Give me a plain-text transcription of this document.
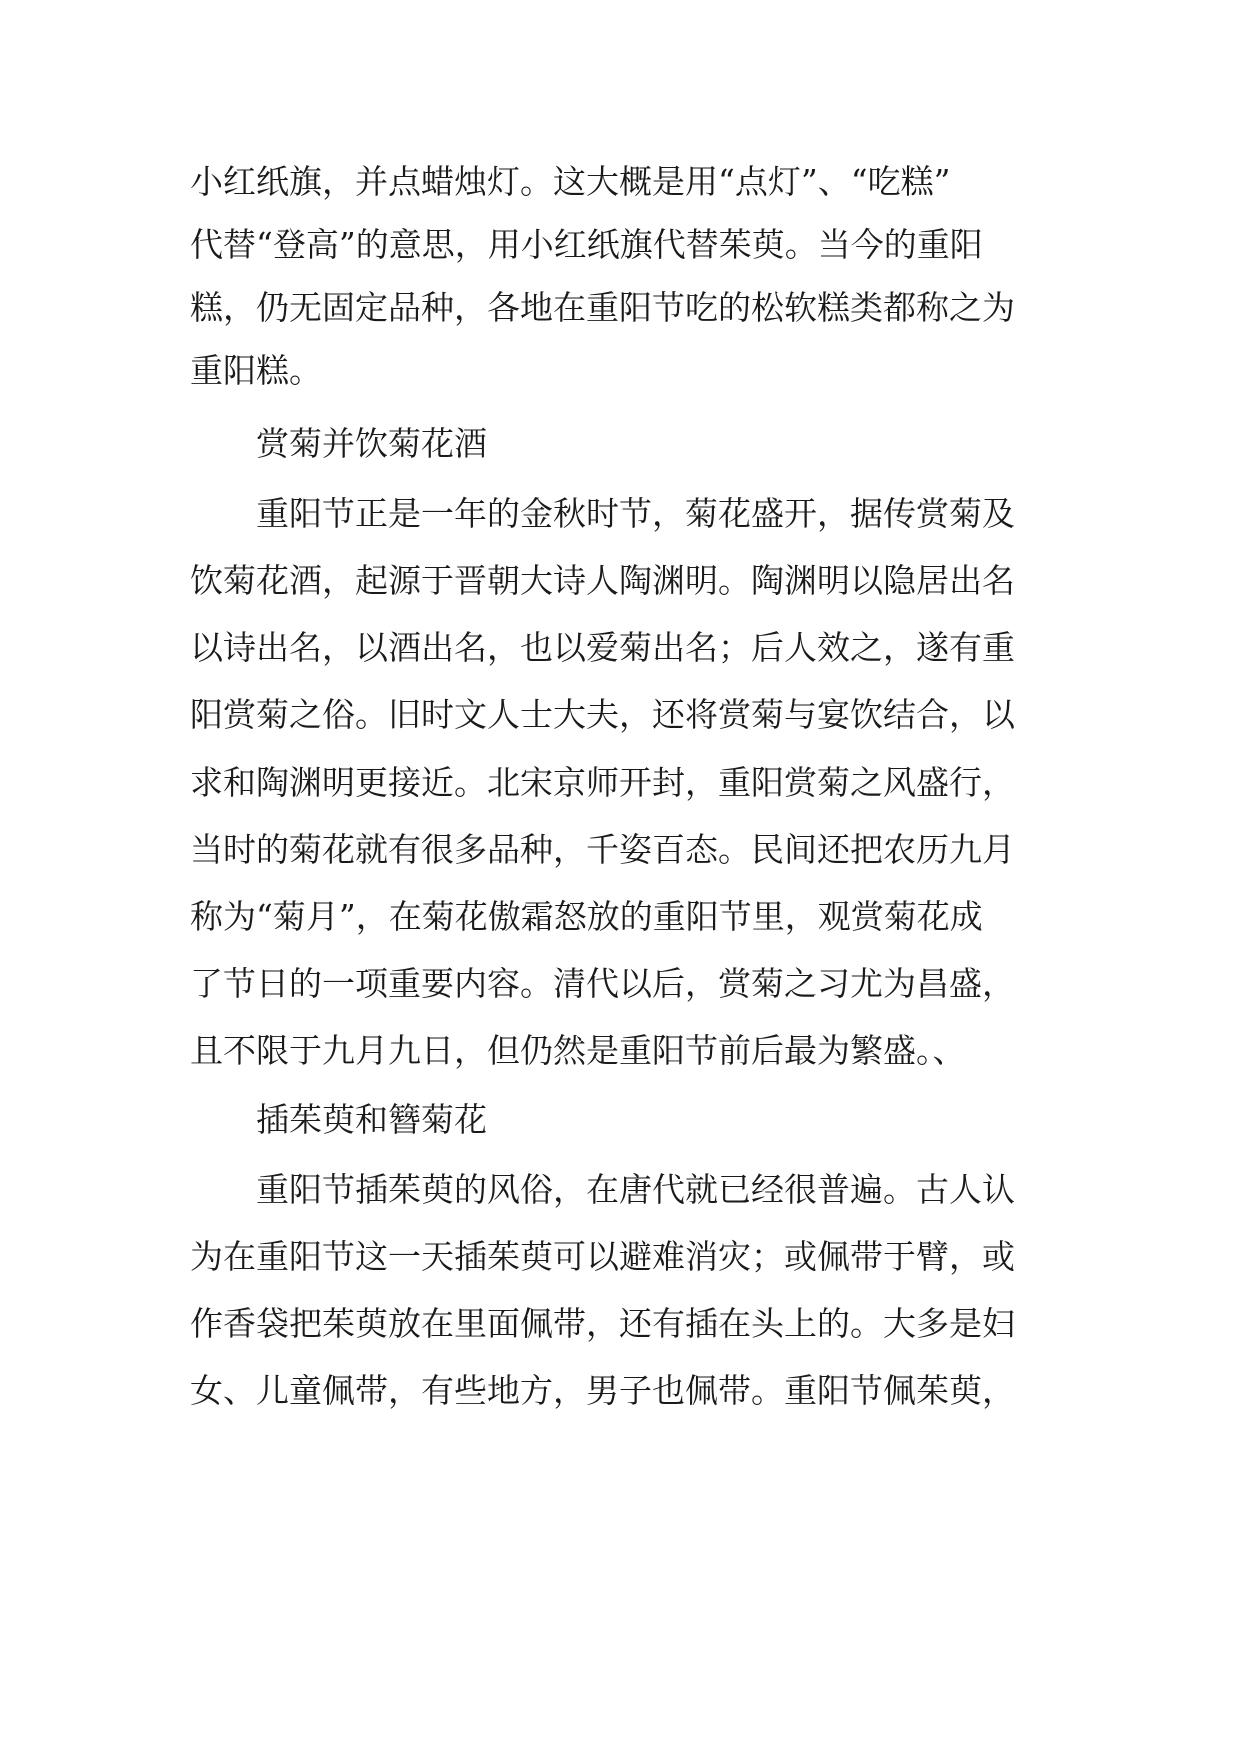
小红纸旗，并点蜡烛灯。这大概是用“点灯”、“吃糕”
代替“登高”的意思，用小红纸旗代替茱萸。当今的重阳
糕，仍无固定品种，各地在重阳节吃的松软糕类都称之为
重阳糕。
赏菊并饮菊花酒
重阳节正是一年的金秋时节，菊花盛开，据传赏菊及
饮菊花酒，起源于晋朝大诗人陶渊明。陶渊明以隐居出名
以诗出名，以酒出名，也以爱菊出名；后人效之，遂有重
阳赏菊之俗。旧时文人士大夫，还将赏菊与宴饮结合，以
求和陶渊明更接近。北宋京师开封，重阳赏菊之风盛行，
当时的菊花就有很多品种，千姿百态。民间还把农历九月
称为“菊月”，在菊花傲霜怒放的重阳节里，观赏菊花成
了节日的一项重要内容。清代以后，赏菊之习尤为昌盛，
且不限于九月九日，但仍然是重阳节前后最为繁盛。、
插茱萸和簪菊花
重阳节插茱萸的风俗，在唐代就已经很普遍。古人认
为在重阳节这一天插茱萸可以避难消灾；或佩带于臂，或
作香袋把茱萸放在里面佩带，还有插在头上的。大多是妇
女、儿童佩带，有些地方，男子也佩带。重阳节佩茱萸，
